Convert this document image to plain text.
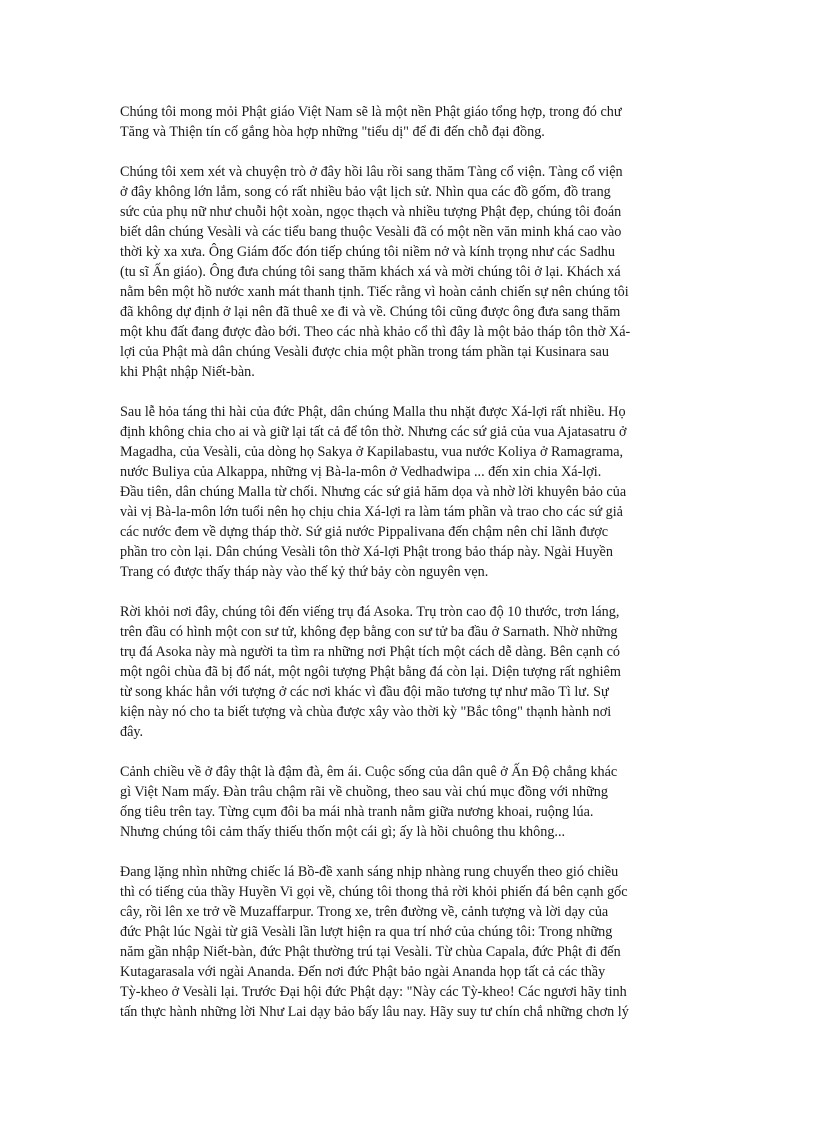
Chúng tôi mong mỏi Phật giáo Việt Nam sẽ là một nền Phật giáo tổng hợp, trong đó chư
Tăng và Thiện tín cố gắng hòa hợp những "tiểu dị" để đi đến chỗ đại đồng.

Chúng tôi xem xét và chuyện trò ở đây hồi lâu rồi sang thăm Tàng cổ viện. Tàng cổ viện
ở đây không lớn lắm, song có rất nhiều bảo vật lịch sử. Nhìn qua các đồ gốm, đồ trang
sức của phụ nữ như chuỗi hột xoàn, ngọc thạch và nhiều tượng Phật đẹp, chúng tôi đoán
biết dân chúng Vesàli và các tiểu bang thuộc Vesàli đã có một nền văn minh khá cao vào
thời kỳ xa xưa. Ông Giám đốc đón tiếp chúng tôi niềm nở và kính trọng như các Sadhu
(tu sĩ Ấn giáo). Ông đưa chúng tôi sang thăm khách xá và mời chúng tôi ở lại. Khách xá
nằm bên một hồ nước xanh mát thanh tịnh. Tiếc rằng vì hoàn cảnh chiến sự nên chúng tôi
đã không dự định ở lại nên đã thuê xe đi và về. Chúng tôi cũng được ông đưa sang thăm
một khu đất đang được đào bới. Theo các nhà khảo cổ thì đây là một bảo tháp tôn thờ Xá-
lợi của Phật mà dân chúng Vesàli được chia một phần trong tám phần tại Kusinara sau
khi Phật nhập Niết-bàn.

Sau lễ hỏa táng thi hài của đức Phật, dân chúng Malla thu nhặt được Xá-lợi rất nhiều. Họ
định không chia cho ai và giữ lại tất cả để tôn thờ. Nhưng các sứ giả của vua Ajatasatru ở
Magadha, của Vesàli, của dòng họ Sakya ở Kapilabastu, vua nước Koliya ở Ramagrama,
nước Buliya của Alkappa, những vị Bà-la-môn ở Vedhadwipa ... đến xin chia Xá-lợi.
Đầu tiên, dân chúng Malla từ chối. Nhưng các sứ giả hăm dọa và nhờ lời khuyên bảo của
vài vị Bà-la-môn lớn tuổi nên họ chịu chia Xá-lợi ra làm tám phần và trao cho các sứ giả
các nước đem về dựng tháp thờ. Sứ giả nước Pippalivana đến chậm nên chỉ lãnh được
phần tro còn lại. Dân chúng Vesàli tôn thờ Xá-lợi Phật trong bảo tháp này. Ngài Huyền
Trang có được thấy tháp này vào thế kỷ thứ bảy còn nguyên vẹn.

Rời khỏi nơi đây, chúng tôi đến viếng trụ đá Asoka. Trụ tròn cao độ 10 thước, trơn láng,
trên đầu có hình một con sư tử, không đẹp bằng con sư tử ba đầu ở Sarnath. Nhờ những
trụ đá Asoka này mà người ta tìm ra những nơi Phật tích một cách dễ dàng. Bên cạnh có
một ngôi chùa đã bị đổ nát, một ngôi tượng Phật bằng đá còn lại. Diện tượng rất nghiêm
từ song khác hẳn với tượng ở các nơi khác vì đầu đội mão tương tự như mão Tì lư. Sự
kiện này nó cho ta biết tượng và chùa được xây vào thời kỳ "Bắc tông" thạnh hành nơi
đây.

Cảnh chiều về ở đây thật là đậm đà, êm ái. Cuộc sống của dân quê ở Ấn Độ chẳng khác
gì Việt Nam mấy. Đàn trâu chậm rãi về chuồng, theo sau vài chú mục đồng với những
ống tiêu trên tay. Từng cụm đôi ba mái nhà tranh nằm giữa nương khoai, ruộng lúa.
Nhưng chúng tôi cảm thấy thiếu thốn một cái gì; ấy là hồi chuông thu không...

Đang lặng nhìn những chiếc lá Bồ-đề xanh sáng nhịp nhàng rung chuyển theo gió chiều
thì có tiếng của thầy Huyền Vi gọi về, chúng tôi thong thả rời khỏi phiến đá bên cạnh gốc
cây, rồi lên xe trở về Muzaffarpur. Trong xe, trên đường về, cảnh tượng và lời dạy của
đức Phật lúc Ngài từ giã Vesàli lần lượt hiện ra qua trí nhớ của chúng tôi: Trong những
năm gần nhập Niết-bàn, đức Phật thường trú tại Vesàli. Từ chùa Capala, đức Phật đi đến
Kutagarasala với ngài Ananda. Đến nơi đức Phật bảo ngài Ananda họp tất cả các thầy
Tỳ-kheo ở Vesàli lại. Trước Đại hội đức Phật dạy: "Này các Tỳ-kheo! Các ngươi hãy tinh
tấn thực hành những lời Như Lai dạy bảo bấy lâu nay. Hãy suy tư chín chắ những chơn lý
